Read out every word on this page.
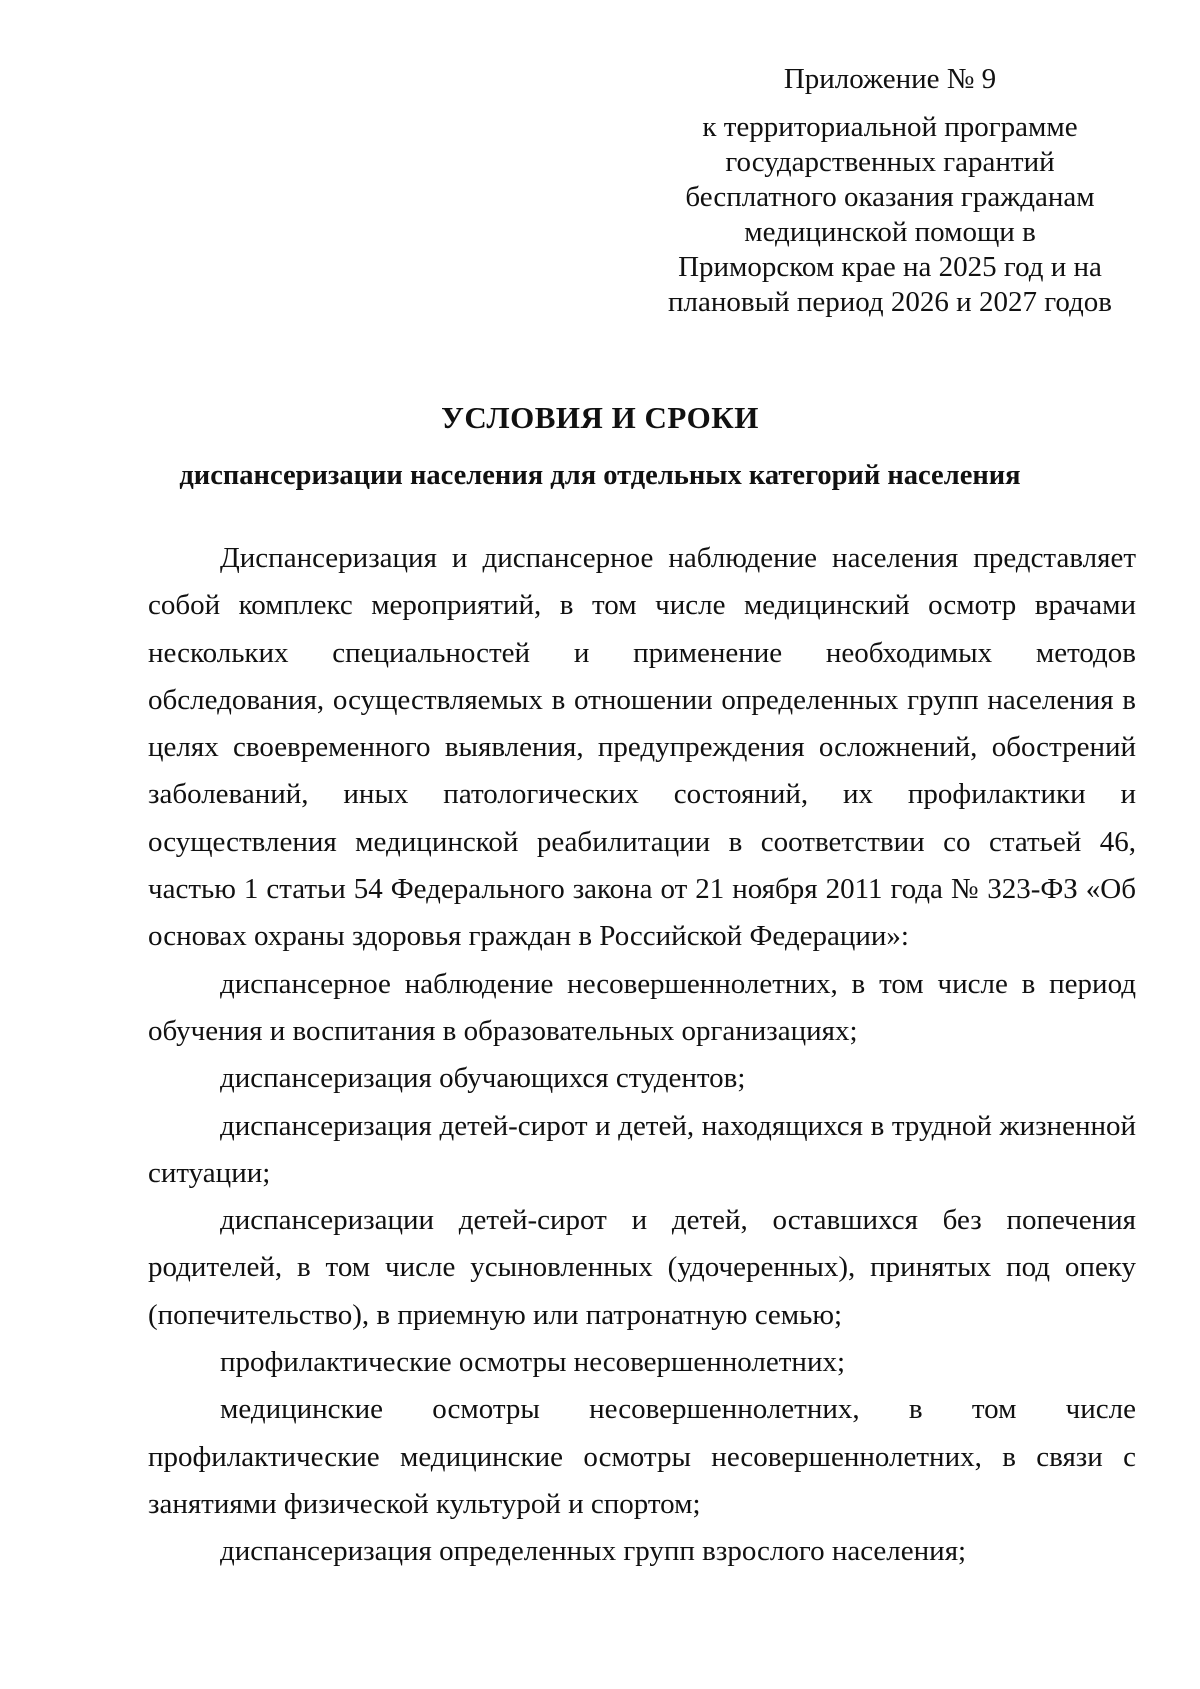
Приложение № 9
к территориальной программе
государственных гарантий
бесплатного оказания гражданам
медицинской помощи в
Приморском крае на 2025 год и на
плановый период 2026 и 2027 годов
УСЛОВИЯ И СРОКИ
диспансеризации населения для отдельных категорий населения

Диспансеризация и диспансерное наблюдение населения представляет собой комплекс мероприятий, в том числе медицинский осмотр врачами нескольких специальностей и применение необходимых методов обследования, осуществляемых в отношении определенных групп населения в целях своевременного выявления, предупреждения осложнений, обострений заболеваний, иных патологических состояний, их профилактики и осуществления медицинской реабилитации в соответствии со статьей 46, частью 1 статьи 54 Федерального закона от 21 ноября 2011 года № 323-ФЗ «Об основах охраны здоровья граждан в Российской Федерации»:

диспансерное наблюдение несовершеннолетних, в том числе в период обучения и воспитания в образовательных организациях;

диспансеризация обучающихся студентов;

диспансеризация детей-сирот и детей, находящихся в трудной жизненной ситуации;

диспансеризации детей-сирот и детей, оставшихся без попечения родителей, в том числе усыновленных (удочеренных), принятых под опеку (попечительство), в приемную или патронатную семью;

профилактические осмотры несовершеннолетних;

медицинские осмотры несовершеннолетних, в том числе профилактические медицинские осмотры несовершеннолетних, в связи с занятиями физической культурой и спортом;

диспансеризация определенных групп взрослого населения;
